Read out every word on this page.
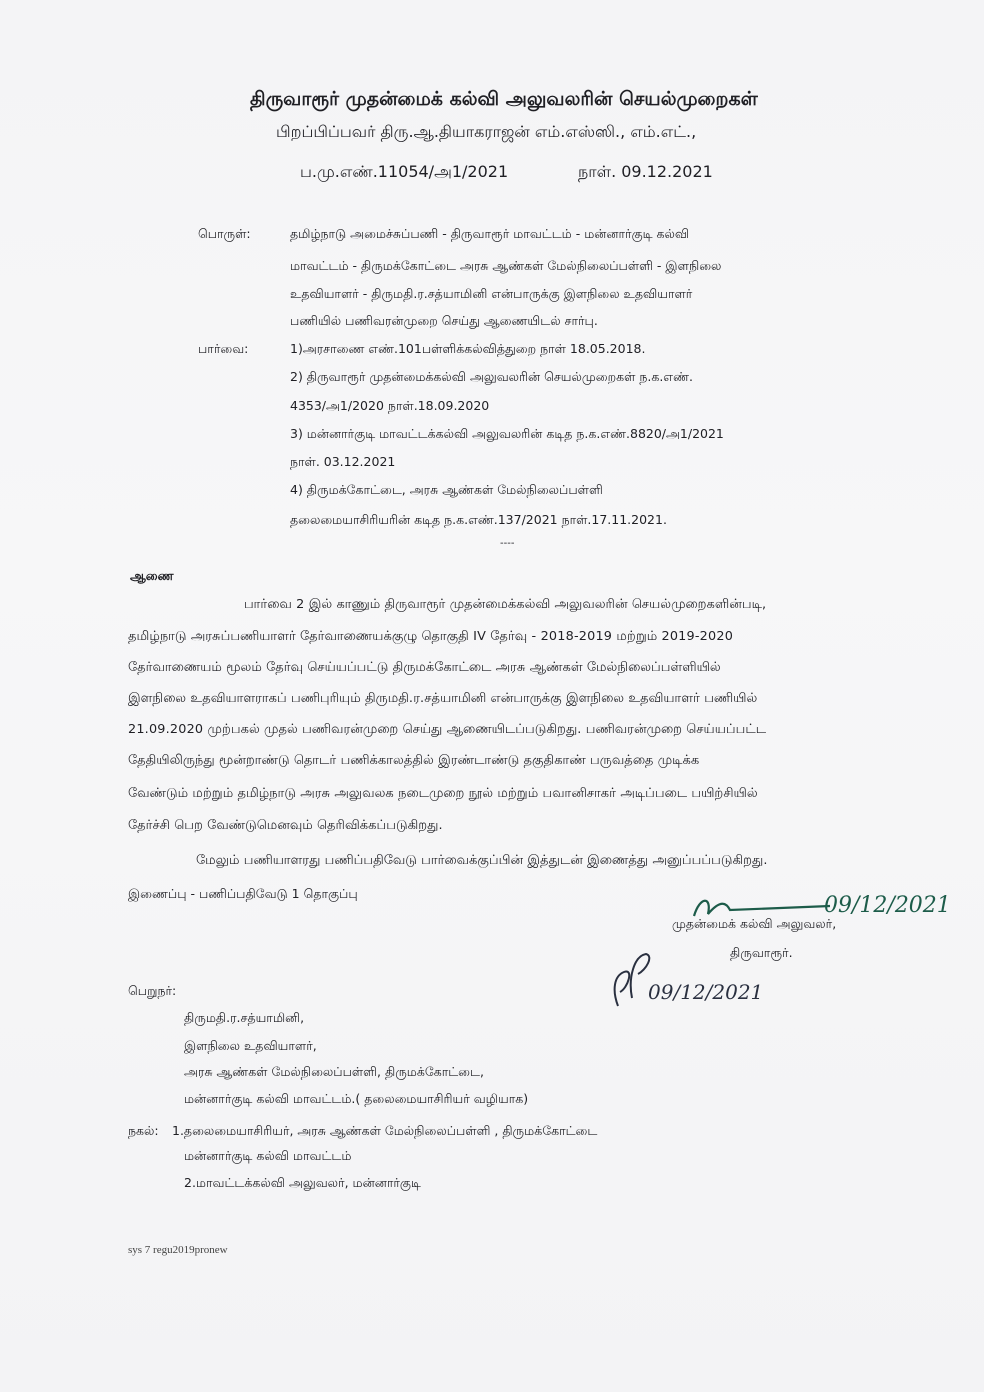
திருவாரூர் முதன்மைக் கல்வி அலுவலரின் செயல்முறைகள்
பிறப்பிப்பவர் திரு.ஆ.தியாகராஜன் எம்.எஸ்ஸி., எம்.எட்.,
ப.மு.எண்.11054/அ1/2021	நாள். 09.12.2021
பொருள்:	தமிழ்நாடு அமைச்சுப்பணி - திருவாரூர் மாவட்டம் - மன்னார்குடி கல்வி
மாவட்டம் - திருமக்கோட்டை அரசு ஆண்கள் மேல்நிலைப்பள்ளி - இளநிலை
உதவியாளர் - திருமதி.ர.சத்யாமினி என்பாருக்கு இளநிலை உதவியாளர்
பணியில் பணிவரன்முறை செய்து ஆணையிடல் சார்பு.
பார்வை:	1)அரசாணை எண்.101பள்ளிக்கல்வித்துறை நாள் 18.05.2018.
2) திருவாரூர் முதன்மைக்கல்வி அலுவலரின் செயல்முறைகள் ந.க.எண்.
4353/அ1/2020 நாள்.18.09.2020
3) மன்னார்குடி மாவட்டக்கல்வி அலுவலரின் கடித ந.க.எண்.8820/அ1/2021
நாள். 03.12.2021
4) திருமக்கோட்டை, அரசு ஆண்கள் மேல்நிலைப்பள்ளி
தலைமையாசிரியரின் கடித ந.க.எண்.137/2021 நாள்.17.11.2021.
----
ஆணை
பார்வை 2 இல் காணும் திருவாரூர் முதன்மைக்கல்வி அலுவலரின் செயல்முறைகளின்படி,
தமிழ்நாடு அரசுப்பணியாளர் தேர்வாணையக்குழு தொகுதி IV தேர்வு - 2018-2019 மற்றும் 2019-2020
தேர்வாணையம் மூலம் தேர்வு செய்யப்பட்டு திருமக்கோட்டை அரசு ஆண்கள் மேல்நிலைப்பள்ளியில்
இளநிலை உதவியாளராகப் பணிபுரியும் திருமதி.ர.சத்யாமினி என்பாருக்கு இளநிலை உதவியாளர் பணியில்
21.09.2020 முற்பகல் முதல் பணிவரன்முறை செய்து ஆணையிடப்படுகிறது. பணிவரன்முறை செய்யப்பட்ட
தேதியிலிருந்து மூன்றாண்டு தொடர் பணிக்காலத்தில் இரண்டாண்டு தகுதிகாண் பருவத்தை முடிக்க
வேண்டும் மற்றும் தமிழ்நாடு அரசு அலுவலக நடைமுறை நூல் மற்றும் பவானிசாகர் அடிப்படை பயிற்சியில்
தேர்ச்சி பெற வேண்டுமெனவும் தெரிவிக்கப்படுகிறது.
மேலும் பணியாளரது பணிப்பதிவேடு பார்வைக்குப்பின் இத்துடன் இணைத்து அனுப்பப்படுகிறது.
இணைப்பு - பணிப்பதிவேடு 1 தொகுப்பு	09/12/2021
முதன்மைக் கல்வி அலுவலர்,
திருவாரூர்.
09/12/2021
பெறுநர்:
திருமதி.ர.சத்யாமினி,
இளநிலை உதவியாளர்,
அரசு ஆண்கள் மேல்நிலைப்பள்ளி, திருமக்கோட்டை,
மன்னார்குடி கல்வி மாவட்டம்.( தலைமையாசிரியர் வழியாக)
நகல்: 1.தலைமையாசிரியர், அரசு ஆண்கள் மேல்நிலைப்பள்ளி , திருமக்கோட்டை
மன்னார்குடி கல்வி மாவட்டம்
2.மாவட்டக்கல்வி அலுவலர், மன்னார்குடி
sys 7 regu2019pronew
